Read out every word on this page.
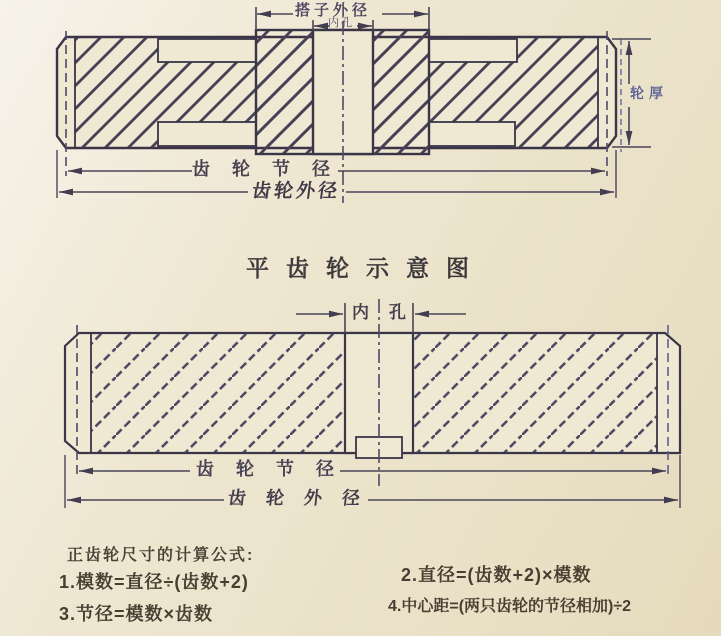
搭子外径
内孔
轮厚
齿轮节径
齿轮外径
平齿轮示意图
内孔
齿轮节径
齿轮外径
正齿轮尺寸的计算公式:
1.模数=直径÷(齿数+2)	2.直径=(齿数+2)×模数
3.节径=模数×齿数	4.中心距=(两只齿轮的节径相加)÷2
